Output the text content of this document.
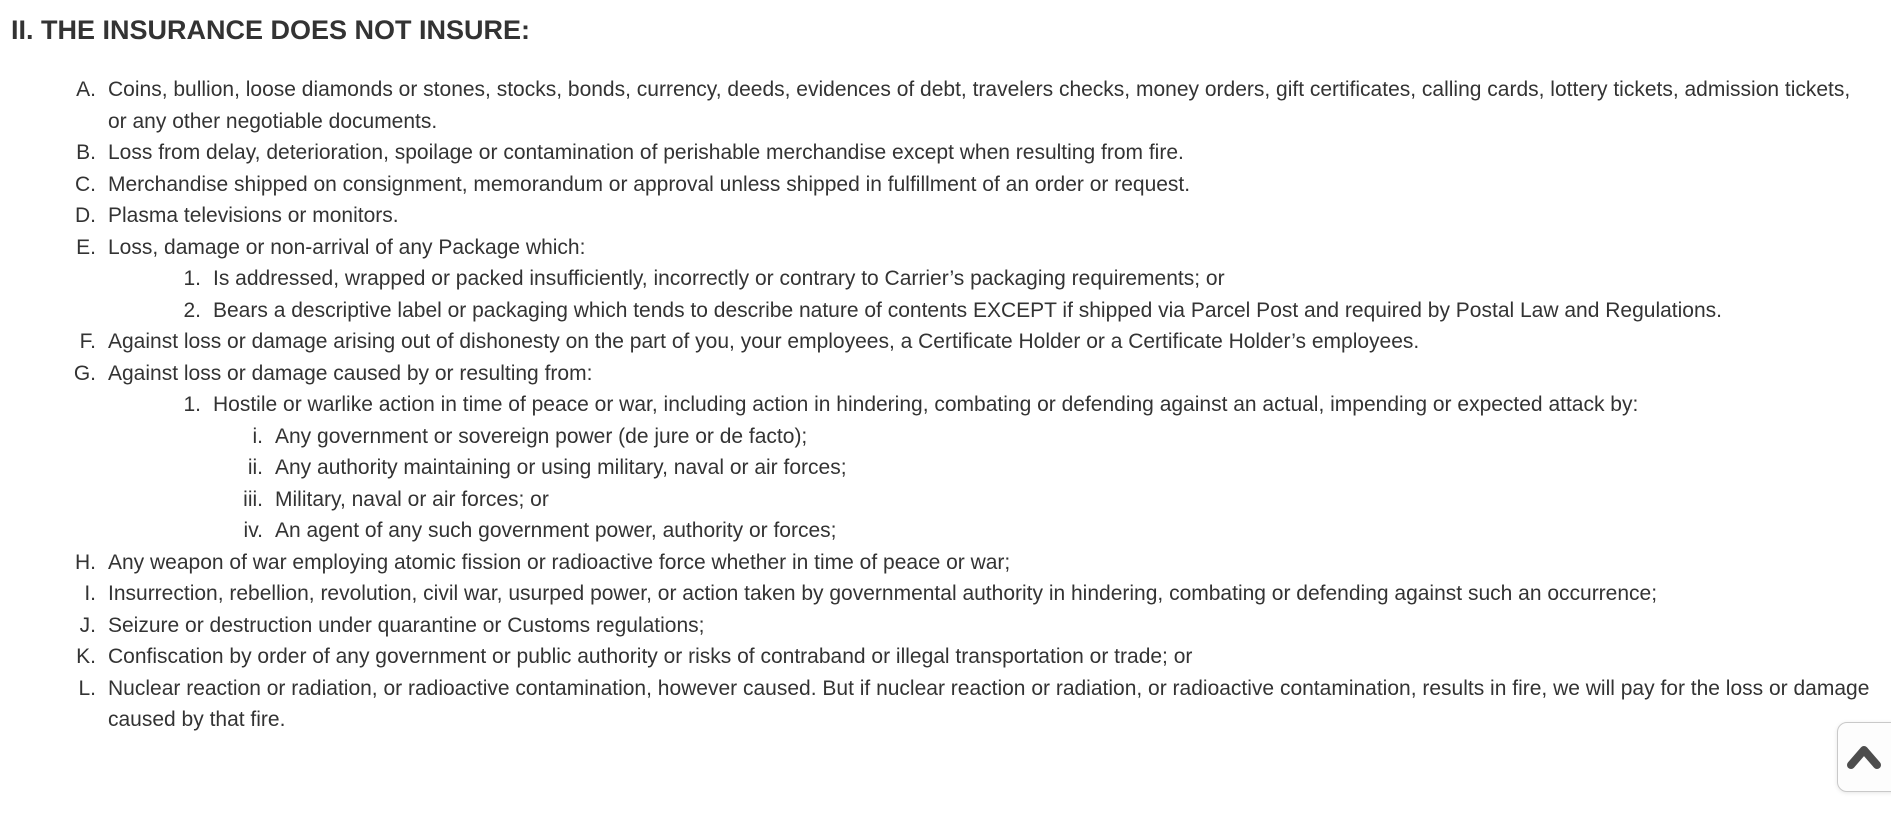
II. THE INSURANCE DOES NOT INSURE:
A. Coins, bullion, loose diamonds or stones, stocks, bonds, currency, deeds, evidences of debt, travelers checks, money orders, gift certificates, calling cards, lottery tickets, admission tickets, or any other negotiable documents.
B. Loss from delay, deterioration, spoilage or contamination of perishable merchandise except when resulting from fire.
C. Merchandise shipped on consignment, memorandum or approval unless shipped in fulfillment of an order or request.
D. Plasma televisions or monitors.
E. Loss, damage or non-arrival of any Package which:
1. Is addressed, wrapped or packed insufficiently, incorrectly or contrary to Carrier’s packaging requirements; or
2. Bears a descriptive label or packaging which tends to describe nature of contents EXCEPT if shipped via Parcel Post and required by Postal Law and Regulations.
F. Against loss or damage arising out of dishonesty on the part of you, your employees, a Certificate Holder or a Certificate Holder’s employees.
G. Against loss or damage caused by or resulting from:
1. Hostile or warlike action in time of peace or war, including action in hindering, combating or defending against an actual, impending or expected attack by:
i. Any government or sovereign power (de jure or de facto);
ii. Any authority maintaining or using military, naval or air forces;
iii. Military, naval or air forces; or
iv. An agent of any such government power, authority or forces;
H. Any weapon of war employing atomic fission or radioactive force whether in time of peace or war;
I. Insurrection, rebellion, revolution, civil war, usurped power, or action taken by governmental authority in hindering, combating or defending against such an occurrence;
J. Seizure or destruction under quarantine or Customs regulations;
K. Confiscation by order of any government or public authority or risks of contraband or illegal transportation or trade; or
L. Nuclear reaction or radiation, or radioactive contamination, however caused. But if nuclear reaction or radiation, or radioactive contamination, results in fire, we will pay for the loss or damage caused by that fire.
